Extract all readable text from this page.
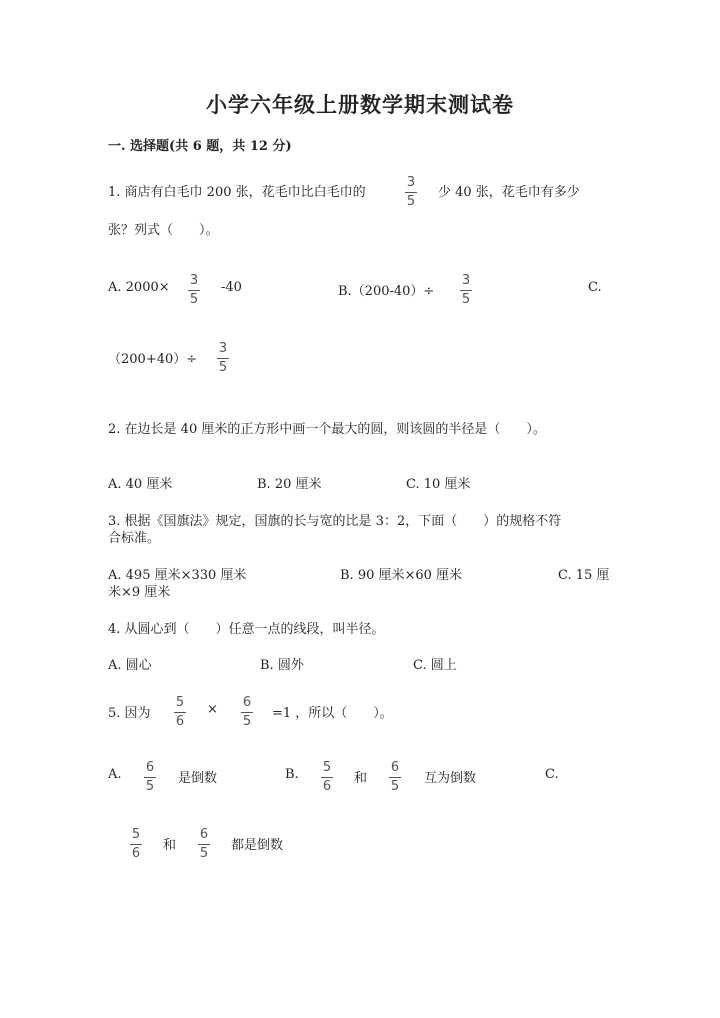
小学六年级上册数学期末测试卷
一. 选择题(共 6 题，共 12 分)
1. 商店有白毛巾 200 张，花毛巾比白毛巾的
3
5
少 40 张，花毛巾有多少
张？列式（　　）。
A. 2000× 3
5
-40	B.（200-40）÷
3
5
C.
（200+40）÷
3
5
2. 在边长是 40 厘米的正方形中画一个最大的圆，则该圆的半径是（　　）。
A. 40 厘米	B. 20 厘米	C. 10 厘米
3. 根据《国旗法》规定，国旗的长与宽的比是 3：2，下面（　　）的规格不符
合标准。
A. 495 厘米×330 厘米	B. 90 厘米×60 厘米	C. 15 厘
米×9 厘米
4. 从圆心到（　　）任意一点的线段，叫半径。
A. 圆心	B. 圆外	C. 圆上
5. 因为
5
6
× 6
5
=1 ，所以（　　）。
A. 6
5
是倒数	B. 5
6
和
6
5
互为倒数	C.
5
6
和
6
5
都是倒数
